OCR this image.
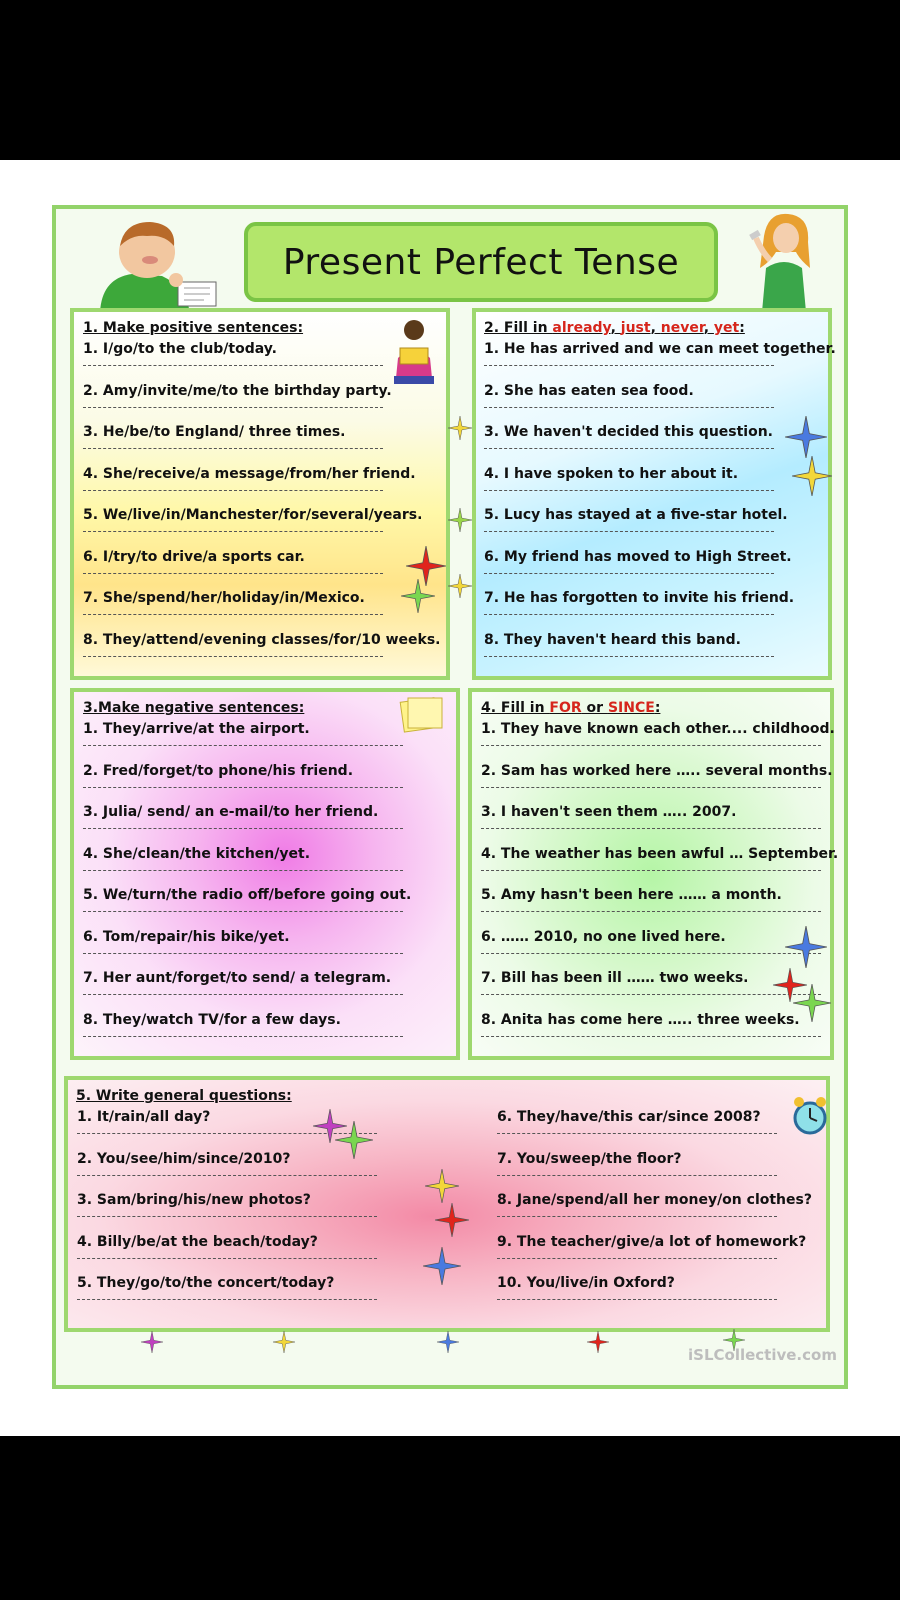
Present Perfect Tense
1. Make positive sentences:	2. Fill in already, just, never, yet:
3.Make negative sentences:	4. Fill in FOR or SINCE:
5. Write general questions:
1. I/go/to the club/today.
2. Amy/invite/me/to the birthday party.
3. He/be/to England/ three times.
4. She/receive/a message/from/her friend.
5. We/live/in/Manchester/for/several/years.
6. I/try/to drive/a sports car.
7. She/spend/her/holiday/in/Mexico.
8. They/attend/evening classes/for/10 weeks.
1. He has arrived and we can meet together.
2. She has eaten sea food.
3. We haven't decided this question.
4. I have spoken to her about it.
5. Lucy has stayed at a five-star hotel.
6. My friend has moved to High Street.
7. He has forgotten to invite his friend.
8. They haven't heard this band.
1. They/arrive/at the airport.
2. Fred/forget/to phone/his friend.
3. Julia/ send/ an e-mail/to her friend.
4. She/clean/the kitchen/yet.
5. We/turn/the radio off/before going out.
6. Tom/repair/his bike/yet.
7. Her aunt/forget/to send/ a telegram.
8. They/watch TV/for a few days.
1. They have known each other.... childhood.
2. Sam has worked here ….. several months.
3. I haven't seen them ….. 2007.
4. The weather has been awful … September.
5. Amy hasn't been here …… a month.
6. …… 2010, no one lived here.
7. Bill has been ill …… two weeks.
8. Anita has come here ….. three weeks.
1. It/rain/all day?
2. You/see/him/since/2010?
3. Sam/bring/his/new photos?
4. Billy/be/at the beach/today?
5. They/go/to/the concert/today?
6. They/have/this car/since 2008?
7. You/sweep/the floor?
8. Jane/spend/all her money/on clothes?
9. The teacher/give/a lot of homework?
10. You/live/in Oxford?
iSLCollective.com
